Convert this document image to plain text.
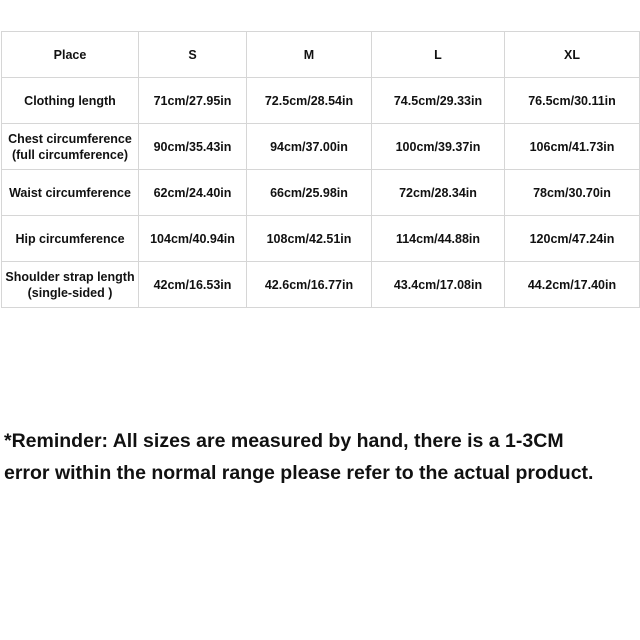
Place	S	M	L	XL

Clothing length	71cm/27.95in	72.5cm/28.54in	74.5cm/29.33in	76.5cm/30.11in

Chest circumference
(full circumference)	90cm/35.43in	94cm/37.00in	100cm/39.37in	106cm/41.73in

Waist circumference	62cm/24.40in	66cm/25.98in	72cm/28.34in	78cm/30.70in

Hip circumference	104cm/40.94in	108cm/42.51in	114cm/44.88in	120cm/47.24in

Shoulder strap length
(single-sided )	42cm/16.53in	42.6cm/16.77in	43.4cm/17.08in	44.2cm/17.40in
*Reminder: All sizes are measured by hand, there is a 1-3CM
error within the normal range please refer to the actual product.
